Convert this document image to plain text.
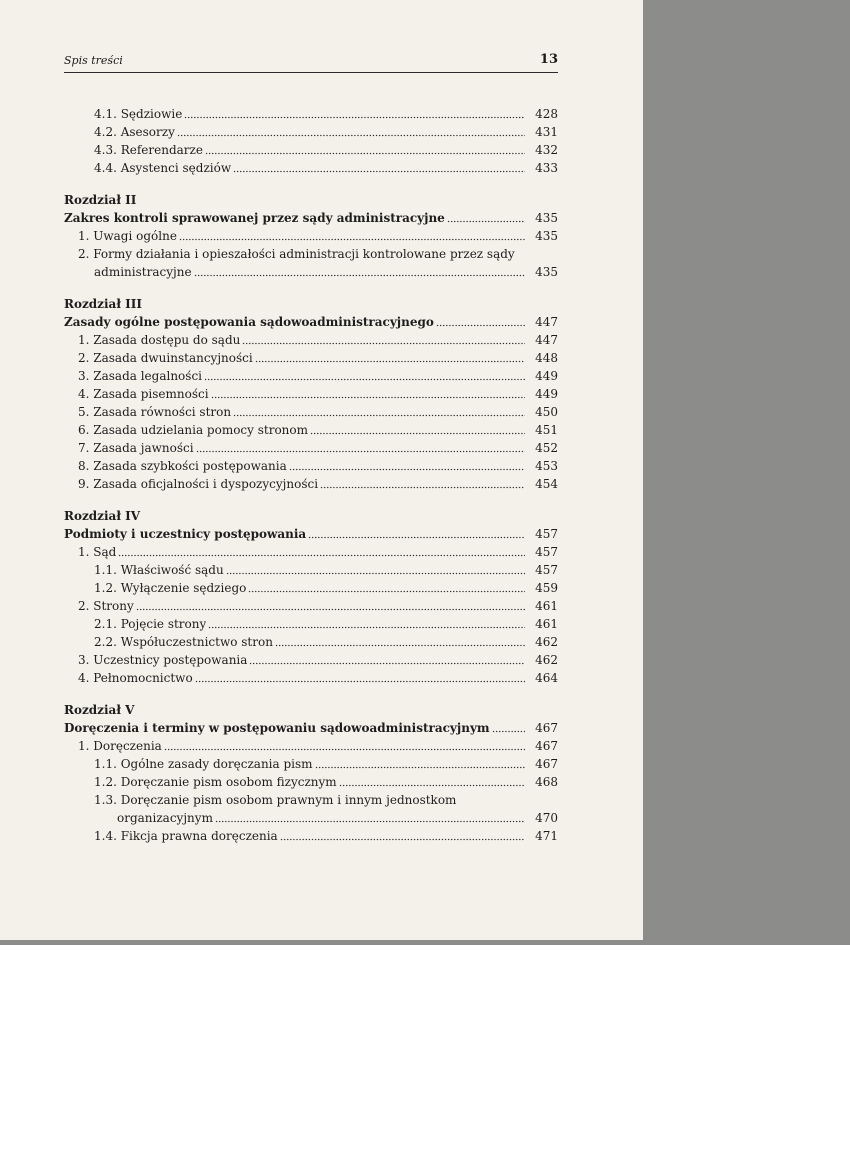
Spis treści	13
4.1. Sędziowie	428
4.2. Asesorzy	431
4.3. Referendarze	432
4.4. Asystenci sędziów	433
Rozdział II
Zakres kontroli sprawowanej przez sądy administracyjne	435
1. Uwagi ogólne	435
2. Formy działania i opieszałości administracji kontrolowane przez sądy
administracyjne	435
Rozdział III
Zasady ogólne postępowania sądowoadministracyjnego	447
1. Zasada dostępu do sądu	447
2. Zasada dwuinstancyjności	448
3. Zasada legalności	449
4. Zasada pisemności	449
5. Zasada równości stron	450
6. Zasada udzielania pomocy stronom	451
7. Zasada jawności	452
8. Zasada szybkości postępowania	453
9. Zasada oficjalności i dyspozycyjności	454
Rozdział IV
Podmioty i uczestnicy postępowania	457
1. Sąd	457
1.1. Właściwość sądu	457
1.2. Wyłączenie sędziego	459
2. Strony	461
2.1. Pojęcie strony	461
2.2. Współuczestnictwo stron	462
3. Uczestnicy postępowania	462
4. Pełnomocnictwo	464
Rozdział V
Doręczenia i terminy w postępowaniu sądowoadministracyjnym	467
1. Doręczenia	467
1.1. Ogólne zasady doręczania pism	467
1.2. Doręczanie pism osobom fizycznym	468
1.3. Doręczanie pism osobom prawnym i innym jednostkom
organizacyjnym	470
1.4. Fikcja prawna doręczenia	471
